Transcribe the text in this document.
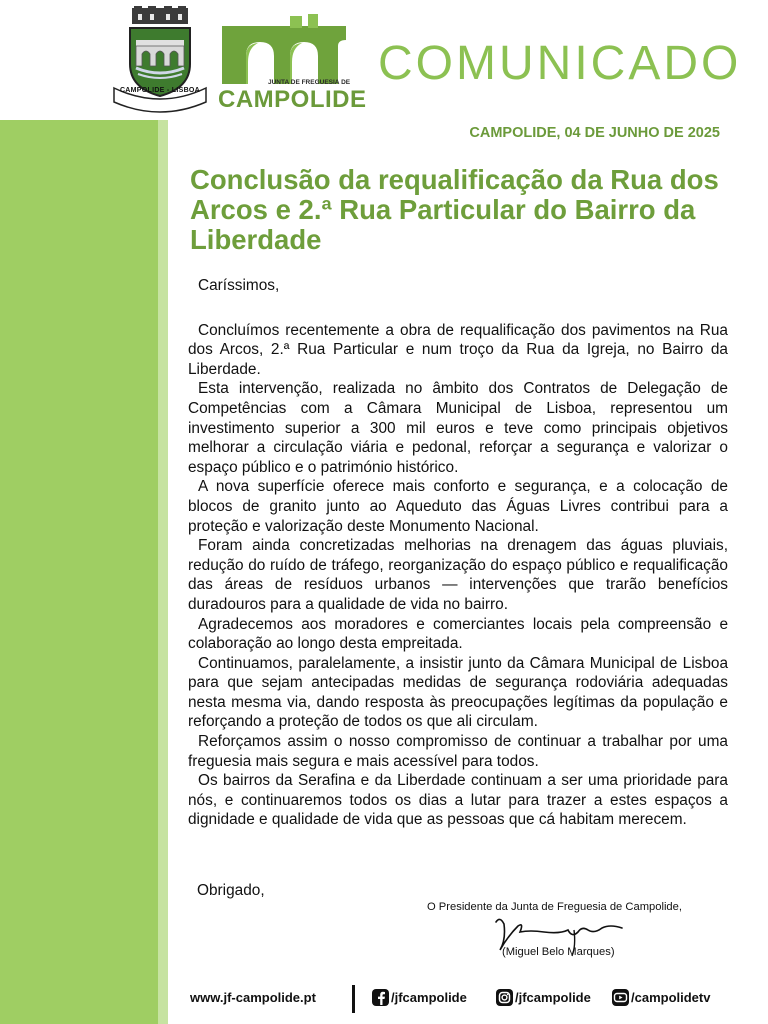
CAMPOLIDE - LISBOA
JUNTA DE FREGUESIA DE
CAMPOLIDE
COMUNICADO
CAMPOLIDE, 04 DE JUNHO DE 2025
Conclusão da requalificação da Rua dos Arcos e 2.ª Rua Particular do Bairro da Liberdade

Caríssimos,

Concluímos recentemente a obra de requalificação dos pavimentos na Rua dos Arcos, 2.ª Rua Particular e num troço da Rua da Igreja, no Bairro da Liberdade.

Esta intervenção, realizada no âmbito dos Contratos de Delegação de Competências com a Câmara Municipal de Lisboa, representou um investimento superior a 300 mil euros e teve como principais objetivos melhorar a circulação viária e pedonal, reforçar a segurança e valorizar o espaço público e o património histórico.

A nova superfície oferece mais conforto e segurança, e a colocação de blocos de granito junto ao Aqueduto das Águas Livres contribui para a proteção e valorização deste Monumento Nacional.

Foram ainda concretizadas melhorias na drenagem das águas pluviais, redução do ruído de tráfego, reorganização do espaço público e requalificação das áreas de resíduos urbanos — intervenções que trarão benefícios duradouros para a qualidade de vida no bairro.

Agradecemos aos moradores e comerciantes locais pela compreensão e colaboração ao longo desta empreitada.

Continuamos, paralelamente, a insistir junto da Câmara Municipal de Lisboa para que sejam antecipadas medidas de segurança rodoviária adequadas nesta mesma via, dando resposta às preocupações legítimas da população e reforçando a proteção de todos os que ali circulam.

Reforçamos assim o nosso compromisso de continuar a trabalhar por uma freguesia mais segura e mais acessível para todos.

Os bairros da Serafina e da Liberdade continuam a ser uma prioridade para nós, e continuaremos todos os dias a lutar para trazer a estes espaços a dignidade e qualidade de vida que as pessoas que cá habitam merecem.

Obrigado,
O Presidente da Junta de Freguesia de Campolide,
(Miguel Belo Marques)
www.jf-campolide.pt	/jfcampolide	/jfcampolide	/campolidetv
